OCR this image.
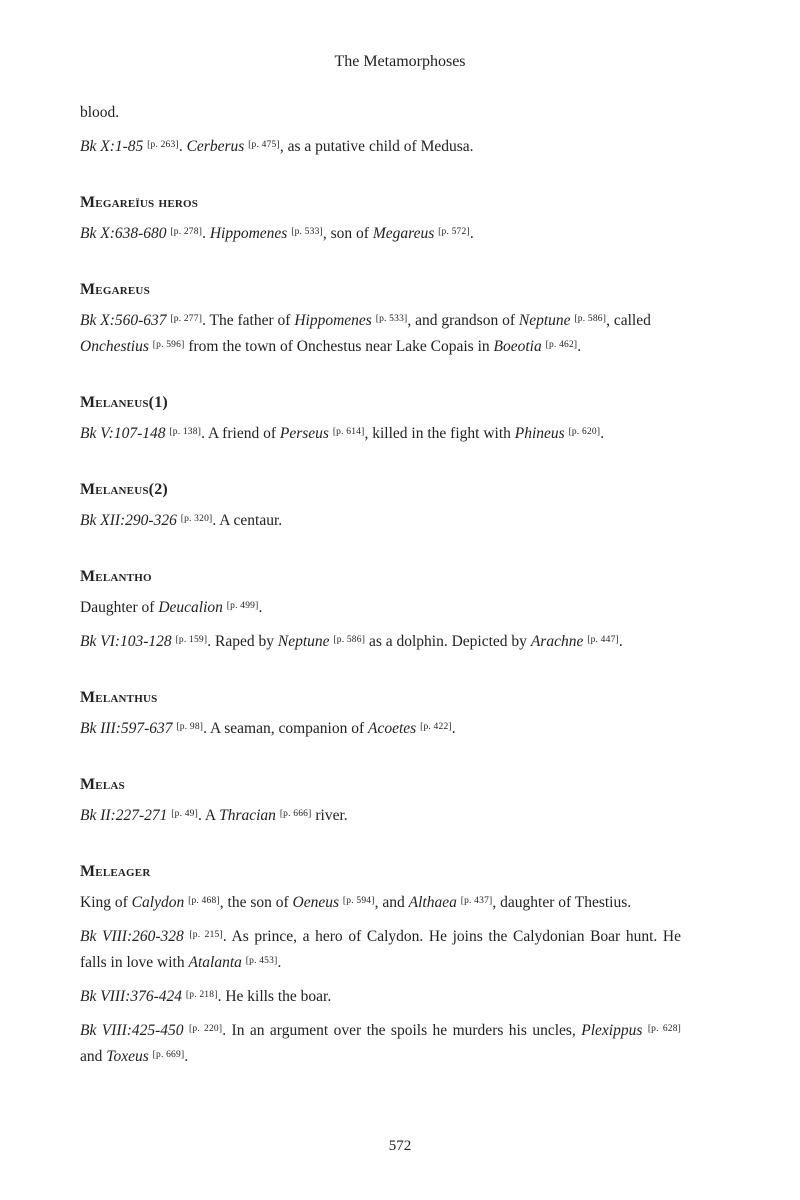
The Metamorphoses

blood.

Bk X:1-85 [p. 263]. Cerberus [p. 475], as a putative child of Medusa.

Megareïus heros

Bk X:638-680 [p. 278]. Hippomenes [p. 533], son of Megareus [p. 572].

Megareus

Bk X:560-637 [p. 277]. The father of Hippomenes [p. 533], and grandson of Neptune [p. 586], called Onchestius [p. 596] from the town of Onchestus near Lake Copais in Boeotia [p. 462].

Melaneus(1)

Bk V:107-148 [p. 138]. A friend of Perseus [p. 614], killed in the fight with Phineus [p. 620].

Melaneus(2)

Bk XII:290-326 [p. 320]. A centaur.

Melantho

Daughter of Deucalion [p. 499].

Bk VI:103-128 [p. 159]. Raped by Neptune [p. 586] as a dolphin. Depicted by Arachne [p. 447].

Melanthus

Bk III:597-637 [p. 98]. A seaman, companion of Acoetes [p. 422].

Melas

Bk II:227-271 [p. 49]. A Thracian [p. 666] river.

Meleager

King of Calydon [p. 468], the son of Oeneus [p. 594], and Althaea [p. 437], daughter of Thestius.

Bk VIII:260-328 [p. 215]. As prince, a hero of Calydon. He joins the Calydonian Boar hunt. He falls in love with Atalanta [p. 453].

Bk VIII:376-424 [p. 218]. He kills the boar.

Bk VIII:425-450 [p. 220]. In an argument over the spoils he murders his uncles, Plexippus [p. 628] and Toxeus [p. 669].

572
